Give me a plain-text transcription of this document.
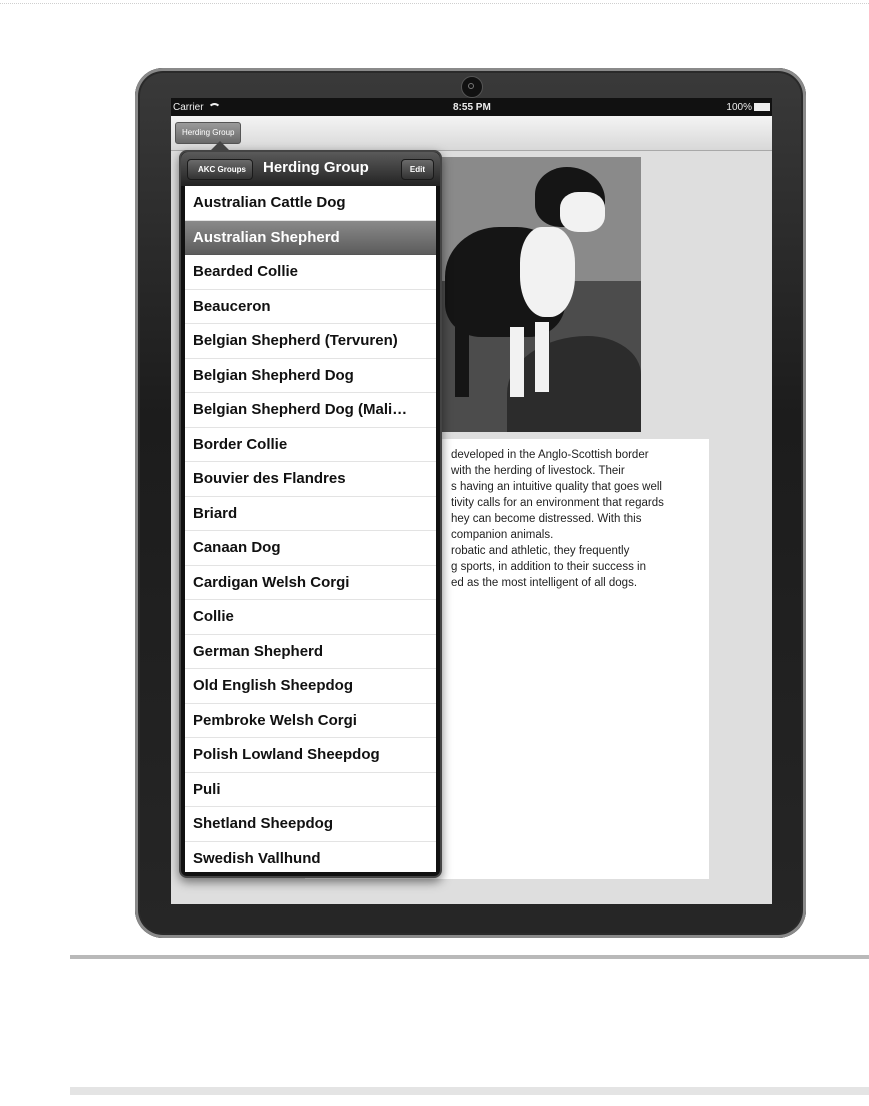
Carrier	8:55 PM	100%
Herding Group
developed in the Anglo-Scottish border
with the herding of livestock. Their
s having an intuitive quality that goes well
tivity calls for an environment that regards
hey can become distressed. With this
companion animals.
robatic and athletic, they frequently
g sports, in addition to their success in
ed as the most intelligent of all dogs.
AKC Groups	Herding Group	Edit
Australian Cattle Dog
Australian Shepherd
Bearded Collie
Beauceron
Belgian Shepherd (Tervuren)
Belgian Shepherd Dog
Belgian Shepherd Dog (Mali…
Border Collie
Bouvier des Flandres
Briard
Canaan Dog
Cardigan Welsh Corgi
Collie
German Shepherd
Old English Sheepdog
Pembroke Welsh Corgi
Polish Lowland Sheepdog
Puli
Shetland Sheepdog
Swedish Vallhund
